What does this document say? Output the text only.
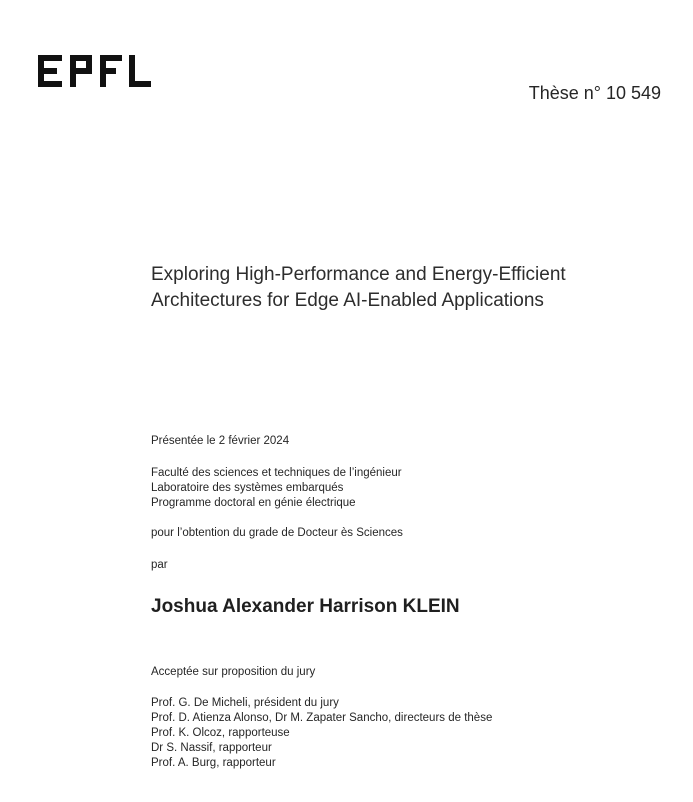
Thèse n° 10 549
Exploring High-Performance and Energy-Efficient
Architectures for Edge AI-Enabled Applications
Présentée le 2 février 2024
Faculté des sciences et techniques de l’ingénieur
Laboratoire des systèmes embarqués
Programme doctoral en génie électrique
pour l’obtention du grade de Docteur ès Sciences
par
Joshua Alexander Harrison KLEIN
Acceptée sur proposition du jury
Prof. G. De Micheli, président du jury
Prof. D. Atienza Alonso, Dr M. Zapater Sancho, directeurs de thèse
Prof. K. Olcoz, rapporteuse
Dr S. Nassif, rapporteur
Prof. A. Burg, rapporteur
